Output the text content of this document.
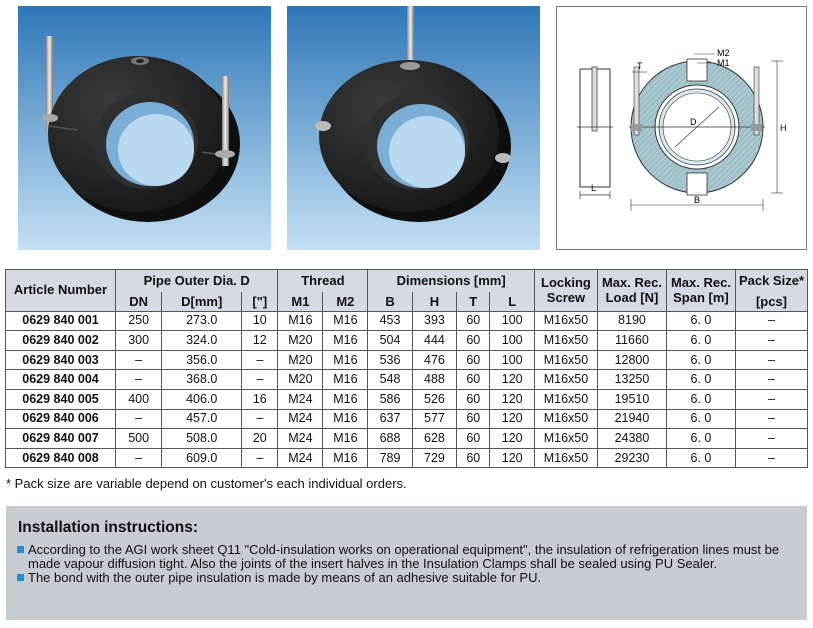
L
D
T
M2
M1
H
B
Article Number	Pipe Outer Dia. D			Thread		Dimensions [mm]				Locking Screw	Max. Rec. Load [N]	Max. Rec. Span [m]	Pack Size*
	DN	D[mm]	["]	M1	M2	B	H	T	L				[pcs]
0629 840 001	250	273.0	10	M16	M16	453	393	60	100	M16x50	8190	6. 0	–
0629 840 002	300	324.0	12	M20	M16	504	444	60	100	M16x50	11660	6. 0	–
0629 840 003	–	356.0	–	M20	M16	536	476	60	100	M16x50	12800	6. 0	–
0629 840 004	–	368.0	–	M20	M16	548	488	60	120	M16x50	13250	6. 0	–
0629 840 005	400	406.0	16	M24	M16	586	526	60	120	M16x50	19510	6. 0	–
0629 840 006	–	457.0	–	M24	M16	637	577	60	120	M16x50	21940	6. 0	–
0629 840 007	500	508.0	20	M24	M16	688	628	60	120	M16x50	24380	6. 0	–
0629 840 008	–	609.0	–	M24	M16	789	729	60	120	M16x50	29230	6. 0	–
* Pack size are variable depend on customer's each individual orders.
Installation instructions:
According to the AGI work sheet Q11 "Cold-insulation works on operational equipment", the insulation of refrigeration lines must be made vapour diffusion tight. Also the joints of the insert halves in the Insulation Clamps shall be sealed using PU Sealer.
The bond with the outer pipe insulation is made by means of an adhesive suitable for PU.
